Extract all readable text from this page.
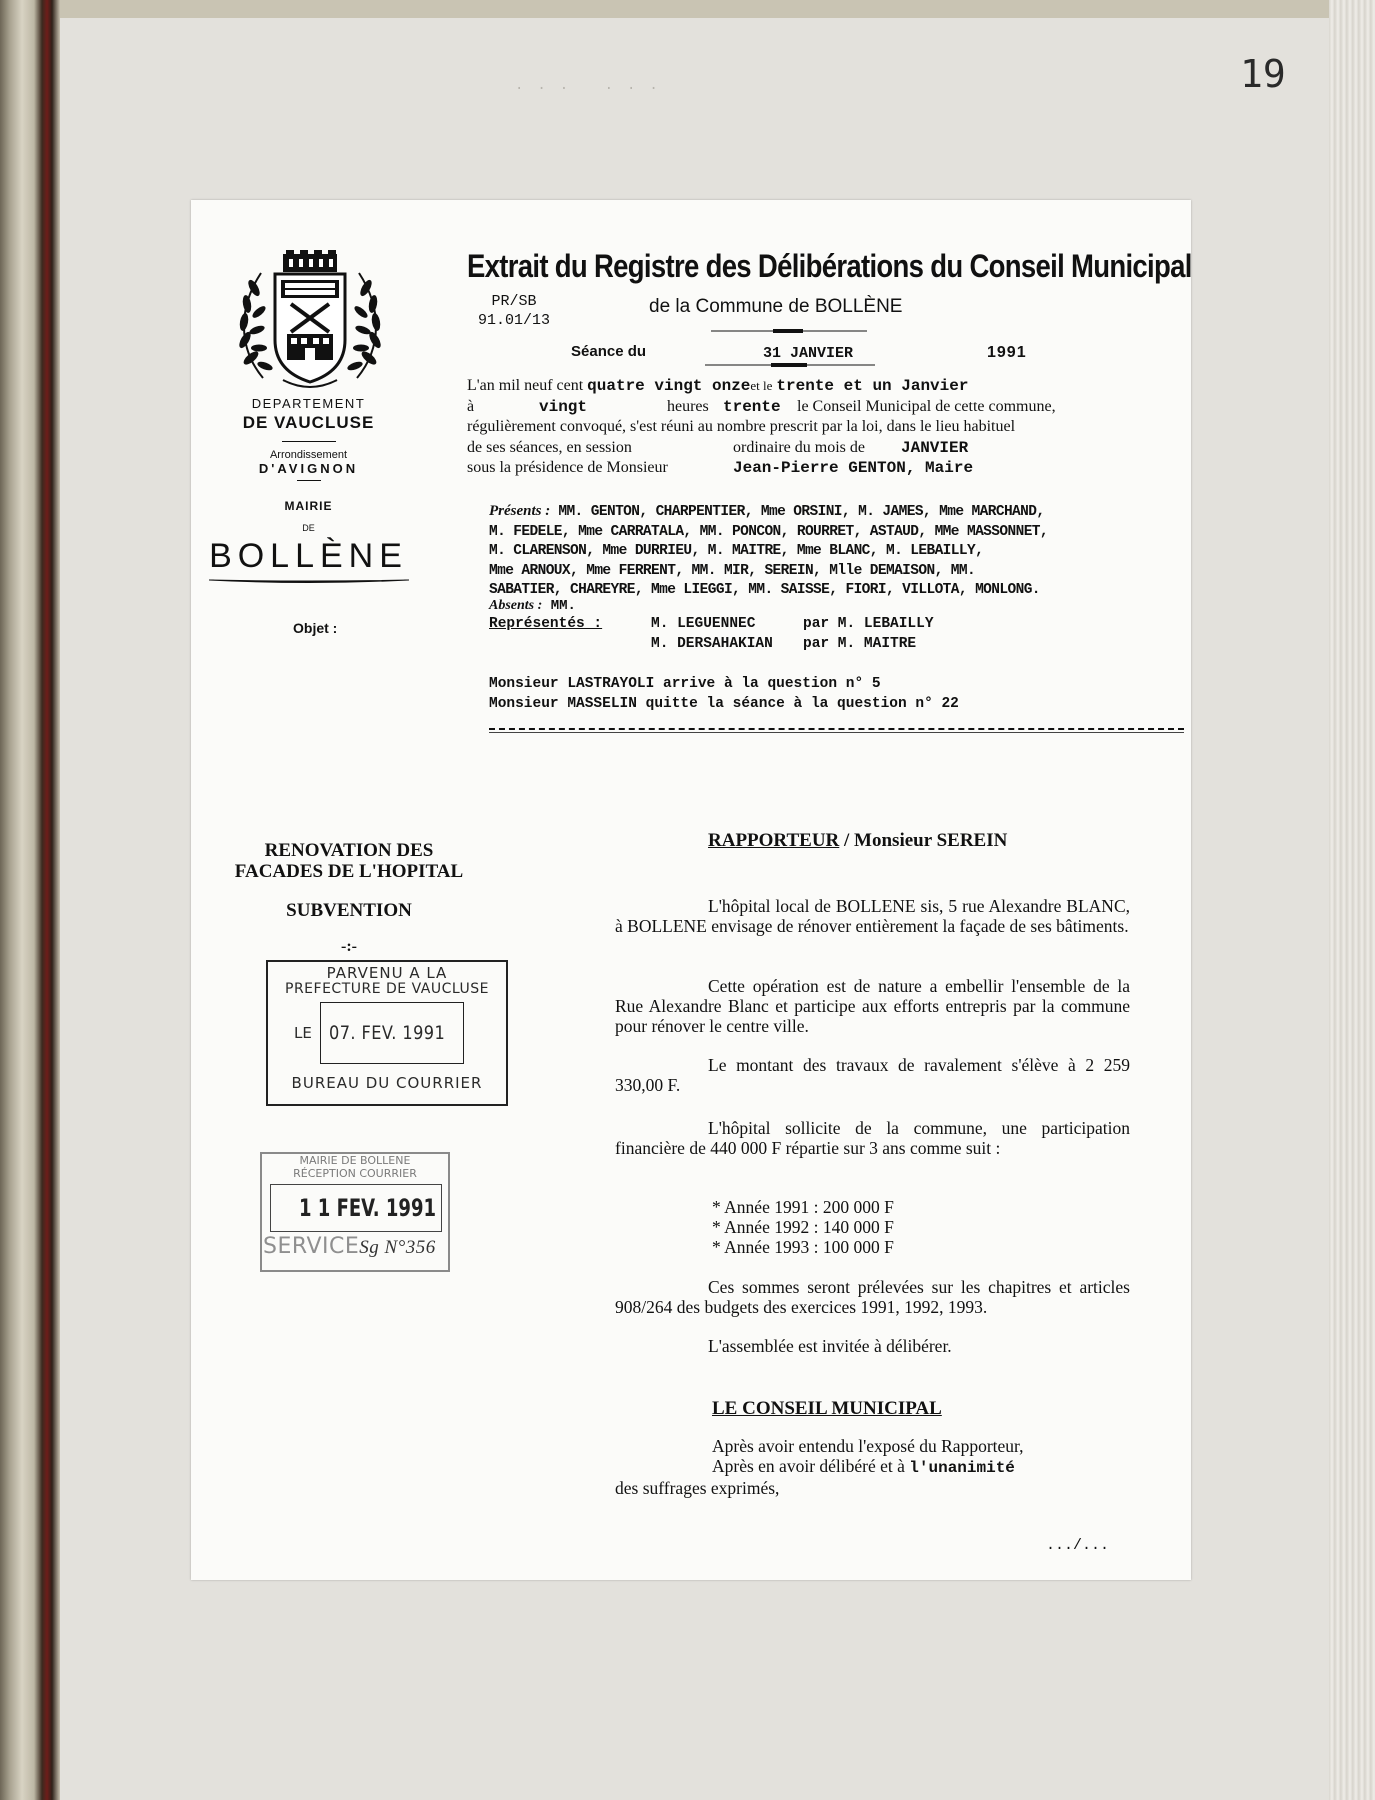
19
... ...
DEPARTEMENT
DE VAUCLUSE
Arrondissement
D'AVIGNON
MAIRIE
DE
BOLLÈNE
Objet :
Extrait du Registre des Délibérations du Conseil Municipal
PR/SB
91.01/13
de la Commune de BOLLÈNE
Séance du	31 JANVIER	1991
L'an mil neuf cent quatre vingt onzeet le trente et un Janvier
à	vingt	heures trente le Conseil Municipal de cette commune,
régulièrement convoqué, s'est réuni au nombre prescrit par la loi, dans le lieu habituel
de ses séances, en session	ordinaire du mois de JANVIER
sous la présidence de Monsieur	Jean-Pierre GENTON, Maire
Présents : MM. GENTON, CHARPENTIER, Mme ORSINI, M. JAMES, Mme MARCHAND,
M. FEDELE, Mme CARRATALA, MM. PONCON, ROURRET, ASTAUD, MMe MASSONNET,
M. CLARENSON, Mme DURRIEU, M. MAITRE, Mme BLANC, M. LEBAILLY,
Mme ARNOUX, Mme FERRENT, MM. MIR, SEREIN, Mlle DEMAISON, MM.
SABATIER, CHAREYRE, Mme LIEGGI, MM. SAISSE, FIORI, VILLOTA, MONLONG.
Absents : MM.
Représentés :	M. LEGUENNEC	par M. LEBAILLY
M. DERSAHAKIAN par M. MAITRE
Monsieur LASTRAYOLI arrive à la question n° 5
Monsieur MASSELIN quitte la séance à la question n° 22
RENOVATION DES FACADES DE L'HOPITAL
SUBVENTION
-:-
PARVENU A LA
PREFECTURE DE VAUCLUSE
LE 07. FEV. 1991
BUREAU DU COURRIER
MAIRIE DE BOLLENE
RÉCEPTION COURRIER
1 1 FEV. 1991
SERVICESg N°356
RAPPORTEUR / Monsieur SEREIN

L'hôpital local de BOLLENE sis, 5 rue Alexandre BLANC, à BOLLENE envisage de rénover entièrement la façade de ses bâtiments.

Cette opération est de nature a embellir l'ensemble de la Rue Alexandre Blanc et participe aux efforts entrepris par la commune pour rénover le centre ville.

Le montant des travaux de ravalement s'élève à 2 259 330,00 F.

L'hôpital sollicite de la commune, une participation financière de 440 000 F répartie sur 3 ans comme suit :

* Année 1991 : 200 000 F
* Année 1992 : 140 000 F
* Année 1993 : 100 000 F

Ces sommes seront prélevées sur les chapitres et articles 908/264 des budgets des exercices 1991, 1992, 1993.

L'assemblée est invitée à délibérer.
LE CONSEIL MUNICIPAL
Après avoir entendu l'exposé du Rapporteur,
Après en avoir délibéré et à l'unanimité
des suffrages exprimés,
.../...
